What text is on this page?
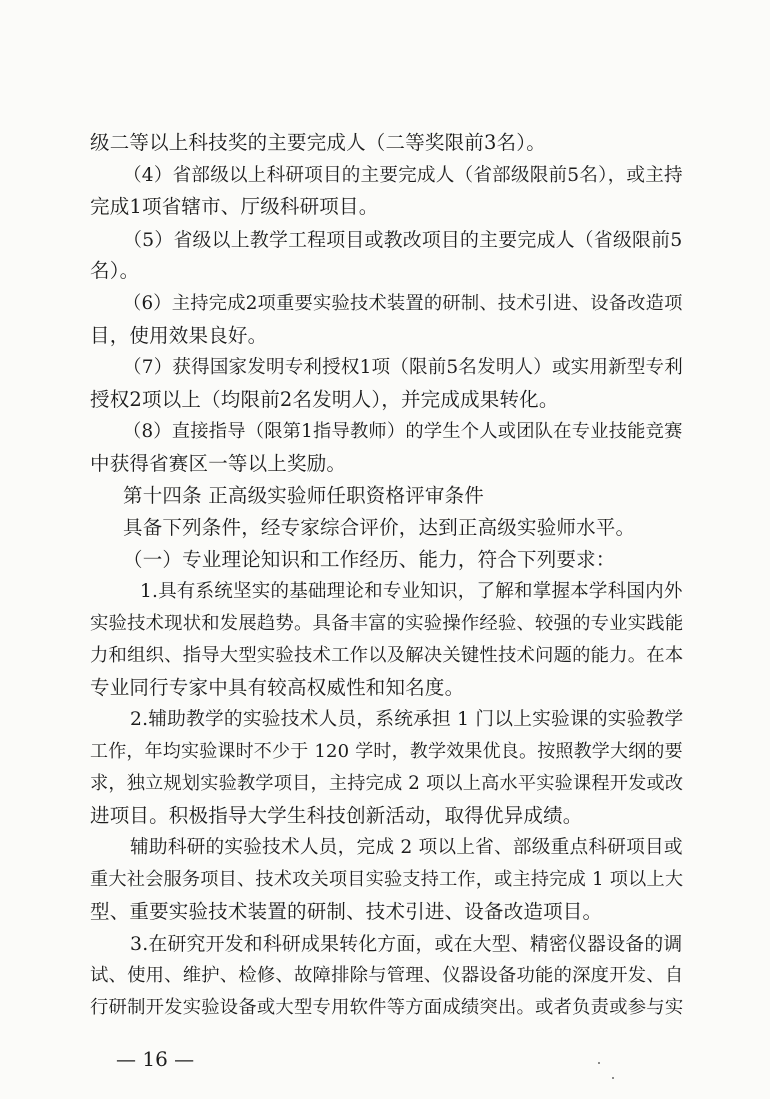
级二等以上科技奖的主要完成人（二等奖限前3名）。
（4）省部级以上科研项目的主要完成人（省部级限前5名），或主持
完成1项省辖市、厅级科研项目。
（5）省级以上教学工程项目或教改项目的主要完成人（省级限前5
名）。
（6）主持完成2项重要实验技术装置的研制、技术引进、设备改造项
目，使用效果良好。
（7）获得国家发明专利授权1项（限前5名发明人）或实用新型专利
授权2项以上（均限前2名发明人），并完成成果转化。
（8）直接指导（限第1指导教师）的学生个人或团队在专业技能竞赛
中获得省赛区一等以上奖励。
第十四条 正高级实验师任职资格评审条件
具备下列条件，经专家综合评价，达到正高级实验师水平。
（一）专业理论知识和工作经历、能力，符合下列要求：
1.具有系统坚实的基础理论和专业知识，了解和掌握本学科国内外
实验技术现状和发展趋势。具备丰富的实验操作经验、较强的专业实践能
力和组织、指导大型实验技术工作以及解决关键性技术问题的能力。在本
专业同行专家中具有较高权威性和知名度。
2.辅助教学的实验技术人员，系统承担 1 门以上实验课的实验教学
工作，年均实验课时不少于 120 学时，教学效果优良。按照教学大纲的要
求，独立规划实验教学项目，主持完成 2 项以上高水平实验课程开发或改
进项目。积极指导大学生科技创新活动，取得优异成绩。
辅助科研的实验技术人员，完成 2 项以上省、部级重点科研项目或
重大社会服务项目、技术攻关项目实验支持工作，或主持完成 1 项以上大
型、重要实验技术装置的研制、技术引进、设备改造项目。
3.在研究开发和科研成果转化方面，或在大型、精密仪器设备的调
试、使用、维护、检修、故障排除与管理、仪器设备功能的深度开发、自
行研制开发实验设备或大型专用软件等方面成绩突出。或者负责或参与实
— 16 —
